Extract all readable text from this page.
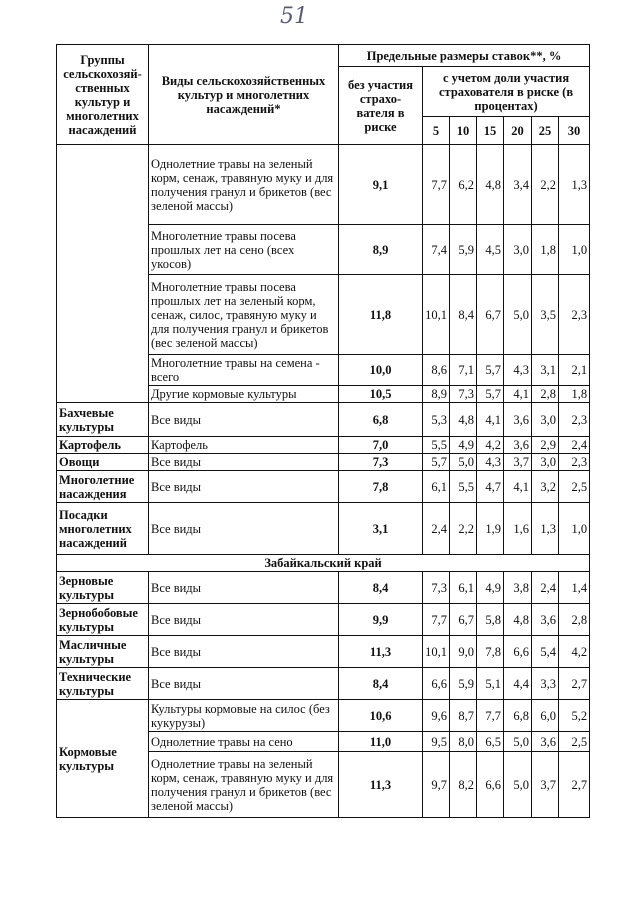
51
Группы сельскохозяй-ственных культур и многолетних насаждений	Виды сельскохозяйственных культур и многолетних насаждений*	Предельные размеры ставок**, %						
		без участия страхо-вателя в риске	с учетом доли участия страхователя в риске (в процентах)					
			5	10	15	20	25	30
	Однолетние травы на зеленый корм, сенаж, травяную муку и для получения гранул и брикетов (вес зеленой массы)	9,1	7,7	6,2	4,8	3,4	2,2	1,3
	Многолетние травы посева прошлых лет на сено (всех укосов)	8,9	7,4	5,9	4,5	3,0	1,8	1,0
	Многолетние травы посева прошлых лет на зеленый корм, сенаж, силос, травяную муку и для получения гранул и брикетов (вес зеленой массы)	11,8	10,1	8,4	6,7	5,0	3,5	2,3
	Многолетние травы на семена - всего	10,0	8,6	7,1	5,7	4,3	3,1	2,1
	Другие кормовые культуры	10,5	8,9	7,3	5,7	4,1	2,8	1,8
Бахчевые культуры	Все виды	6,8	5,3	4,8	4,1	3,6	3,0	2,3
Картофель	Картофель	7,0	5,5	4,9	4,2	3,6	2,9	2,4
Овощи	Все виды	7,3	5,7	5,0	4,3	3,7	3,0	2,3
Многолетние насаждения	Все виды	7,8	6,1	5,5	4,7	4,1	3,2	2,5
Посадки многолетних насаждений	Все виды	3,1	2,4	2,2	1,9	1,6	1,3	1,0
Забайкальский край								
Зерновые культуры	Все виды	8,4	7,3	6,1	4,9	3,8	2,4	1,4
Зернобобовые культуры	Все виды	9,9	7,7	6,7	5,8	4,8	3,6	2,8
Масличные культуры	Все виды	11,3	10,1	9,0	7,8	6,6	5,4	4,2
Технические культуры	Все виды	8,4	6,6	5,9	5,1	4,4	3,3	2,7
Кормовые культуры	Культуры кормовые на силос (без кукурузы)	10,6	9,6	8,7	7,7	6,8	6,0	5,2
	Однолетние травы на сено	11,0	9,5	8,0	6,5	5,0	3,6	2,5
	Однолетние травы на зеленый корм, сенаж, травяную муку и для получения гранул и брикетов (вес зеленой массы)	11,3	9,7	8,2	6,6	5,0	3,7	2,7
